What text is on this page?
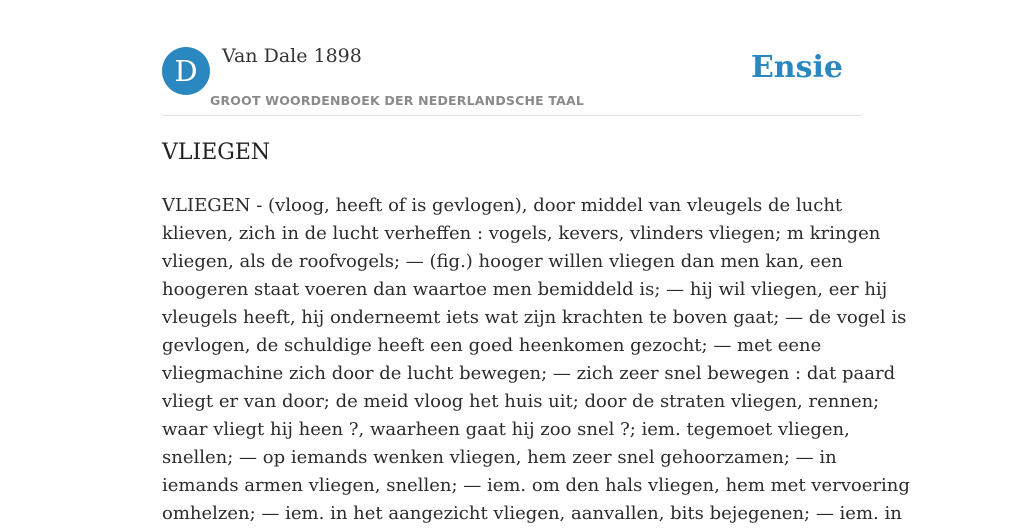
D	Van Dale 1898
GROOT WOORDENBOEK DER NEDERLANDSCHE TAAL
Ensie
VLIEGEN
VLIEGEN - (vloog, heeft of is gevlogen), door middel van vleugels de lucht
klieven, zich in de lucht verheffen : vogels, kevers, vlinders vliegen; m kringen
vliegen, als de roofvogels; — (fig.) hooger willen vliegen dan men kan, een
hoogeren staat voeren dan waartoe men bemiddeld is; — hij wil vliegen, eer hij
vleugels heeft, hij onderneemt iets wat zijn krachten te boven gaat; — de vogel is
gevlogen, de schuldige heeft een goed heenkomen gezocht; — met eene
vliegmachine zich door de lucht bewegen; — zich zeer snel bewegen : dat paard
vliegt er van door; de meid vloog het huis uit; door de straten vliegen, rennen;
waar vliegt hij heen ?, waarheen gaat hij zoo snel ?; iem. tegemoet vliegen,
snellen; — op iemands wenken vliegen, hem zeer snel gehoorzamen; — in
iemands armen vliegen, snellen; — iem. om den hals vliegen, hem met vervoering
omhelzen; — iem. in het aangezicht vliegen, aanvallen, bits bejegenen; — iem. in
